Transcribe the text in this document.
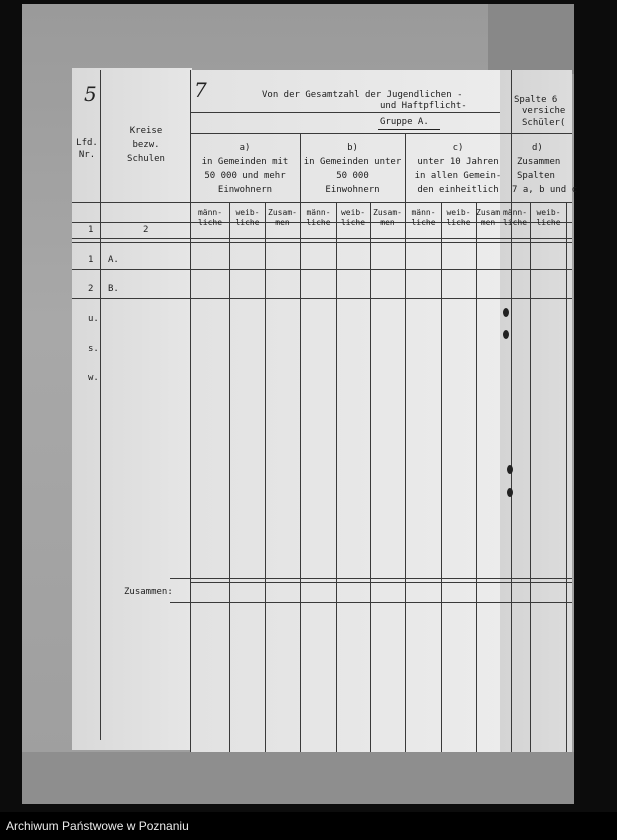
5	7
Lfd.
Nr.
Kreise
bezw.
Schulen
Von der Gesamtzahl der Jugendlichen -
und Haftpflicht-
Gruppe A.
a)
in Gemeinden mit
50 000 und mehr
Einwohnern
b)
in Gemeinden unter
50 000
Einwohnern
c)
unter 10 Jahren
in allen Gemein-
den einheitlich
Spalte 6
versiche
Schüler(
d)
Zusammen
Spalten
7 a, b und c
männ-
liche
weib-
liche
Zusam-
men
männ-
liche
weib-
liche
Zusam-
men
männ-
liche
weib-
liche
Zusam
men
männ-
liche
weib-
liche
1	2
1 A.
2 B.
u.
s.
w.
Zusammen:
Archiwum Państwowe w Poznaniu
